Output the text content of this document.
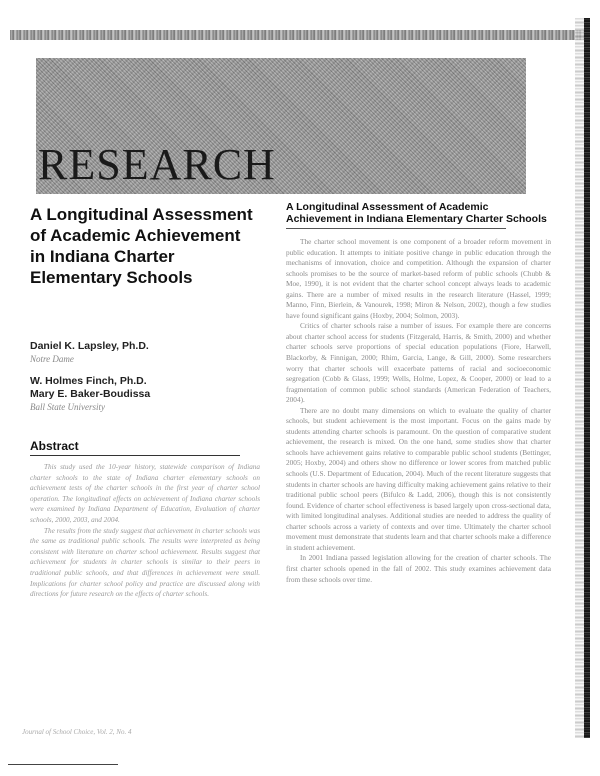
RESEARCH
A Longitudinal Assessment of Academic Achievement in Indiana Charter Elementary Schools
Daniel K. Lapsley, Ph.D.
Notre Dame
W. Holmes Finch, Ph.D.
Mary E. Baker-Boudissa
Ball State University
Abstract

This study used the 10-year history, statewide comparison of Indiana charter schools to the state of Indiana charter elementary schools on achievement tests of the charter schools in the first year of charter school operation. The longitudinal effects on achievement of Indiana charter schools were examined by Indiana Department of Education, Evaluation of charter schools, 2000, 2003, and 2004.

The results from the study suggest that achievement in charter schools was the same as traditional public schools. The results were interpreted as being consistent with literature on charter school achievement. Results suggest that achievement for students in charter schools is similar to their peers in traditional public schools, and that differences in achievement were small. Implications for charter school policy and practice are discussed along with directions for future research on the effects of charter schools.

A Longitudinal Assessment of Academic Achievement in Indiana Elementary Charter Schools

The charter school movement is one component of a broader reform movement in public education. It attempts to initiate positive change in public education through the mechanisms of innovation, choice and competition. Although the expansion of charter schools promises to be the source of market-based reform of public schools (Chubb & Moe, 1990), it is not evident that the charter school concept always leads to academic gains. There are a number of mixed results in the research literature (Hassel, 1999; Manno, Finn, Bierlein, & Vanourek, 1998; Miron & Nelson, 2002), though a few studies have found significant gains (Hoxby, 2004; Solmon, 2003).

Critics of charter schools raise a number of issues. For example there are concerns about charter school access for students (Fitzgerald, Harris, & Smith, 2000) and whether charter schools serve proportions of special education populations (Fiore, Harwell, Blackorby, & Finnigan, 2000; Rhim, Garcia, Lange, & Gill, 2000). Some researchers worry that charter schools will exacerbate patterns of racial and socioeconomic segregation (Cobb & Glass, 1999; Wells, Holme, Lopez, & Cooper, 2000) or lead to a fragmentation of common public school standards (American Federation of Teachers, 2004).

There are no doubt many dimensions on which to evaluate the quality of charter schools, but student achievement is the most important. Focus on the gains made by students attending charter schools is paramount. On the question of comparative student achievement, the research is mixed. On the one hand, some studies show that charter schools have achievement gains relative to comparable public school students (Bettinger, 2005; Hoxby, 2004) and others show no difference or lower scores from matched public schools (U.S. Department of Education, 2004). Much of the recent literature suggests that students in charter schools are having difficulty making achievement gains relative to their traditional public school peers (Bifulco & Ladd, 2006), though this is not consistently found. Evidence of charter school effectiveness is based largely upon cross-sectional data, with limited longitudinal analyses. Additional studies are needed to address the quality of charter schools across a variety of contexts and over time. Ultimately the charter school movement must demonstrate that students learn and that charter schools make a difference in student achievement.

In 2001 Indiana passed legislation allowing for the creation of charter schools. The first charter schools opened in the fall of 2002. This study examines achievement data from these schools over time.

Journal of School Choice, Vol. 2, No. 4
